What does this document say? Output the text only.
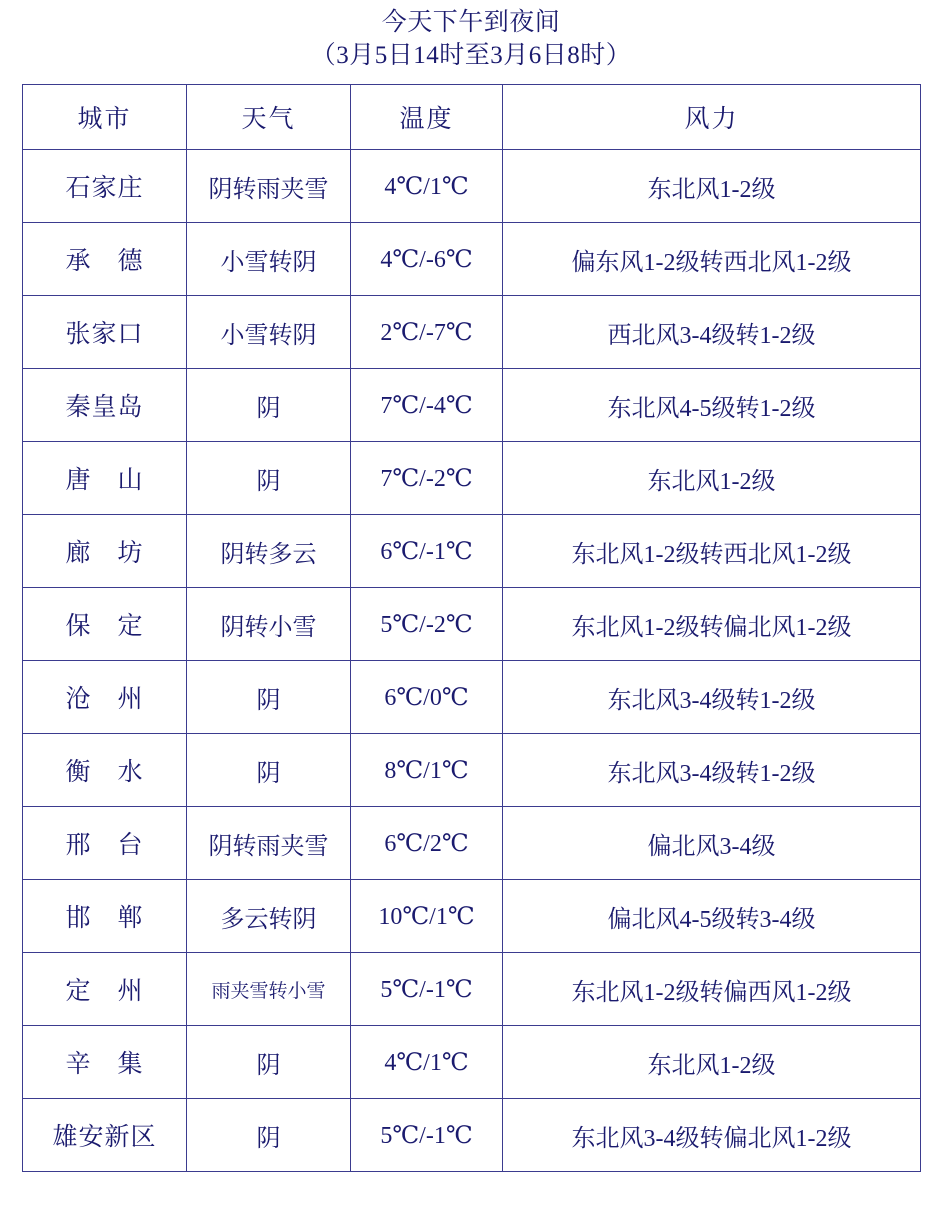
今天下午到夜间
（3月5日14时至3月6日8时）
城市	天气	温度	风力
石家庄	阴转雨夹雪	4℃/1℃	东北风1-2级
承　德	小雪转阴	4℃/-6℃	偏东风1-2级转西北风1-2级
张家口	小雪转阴	2℃/-7℃	西北风3-4级转1-2级
秦皇岛	阴	7℃/-4℃	东北风4-5级转1-2级
唐　山	阴	7℃/-2℃	东北风1-2级
廊　坊	阴转多云	6℃/-1℃	东北风1-2级转西北风1-2级
保　定	阴转小雪	5℃/-2℃	东北风1-2级转偏北风1-2级
沧　州	阴	6℃/0℃	东北风3-4级转1-2级
衡　水	阴	8℃/1℃	东北风3-4级转1-2级
邢　台	阴转雨夹雪	6℃/2℃	偏北风3-4级
邯　郸	多云转阴	10℃/1℃	偏北风4-5级转3-4级
定　州	雨夹雪转小雪	5℃/-1℃	东北风1-2级转偏西风1-2级
辛　集	阴	4℃/1℃	东北风1-2级
雄安新区	阴	5℃/-1℃	东北风3-4级转偏北风1-2级
